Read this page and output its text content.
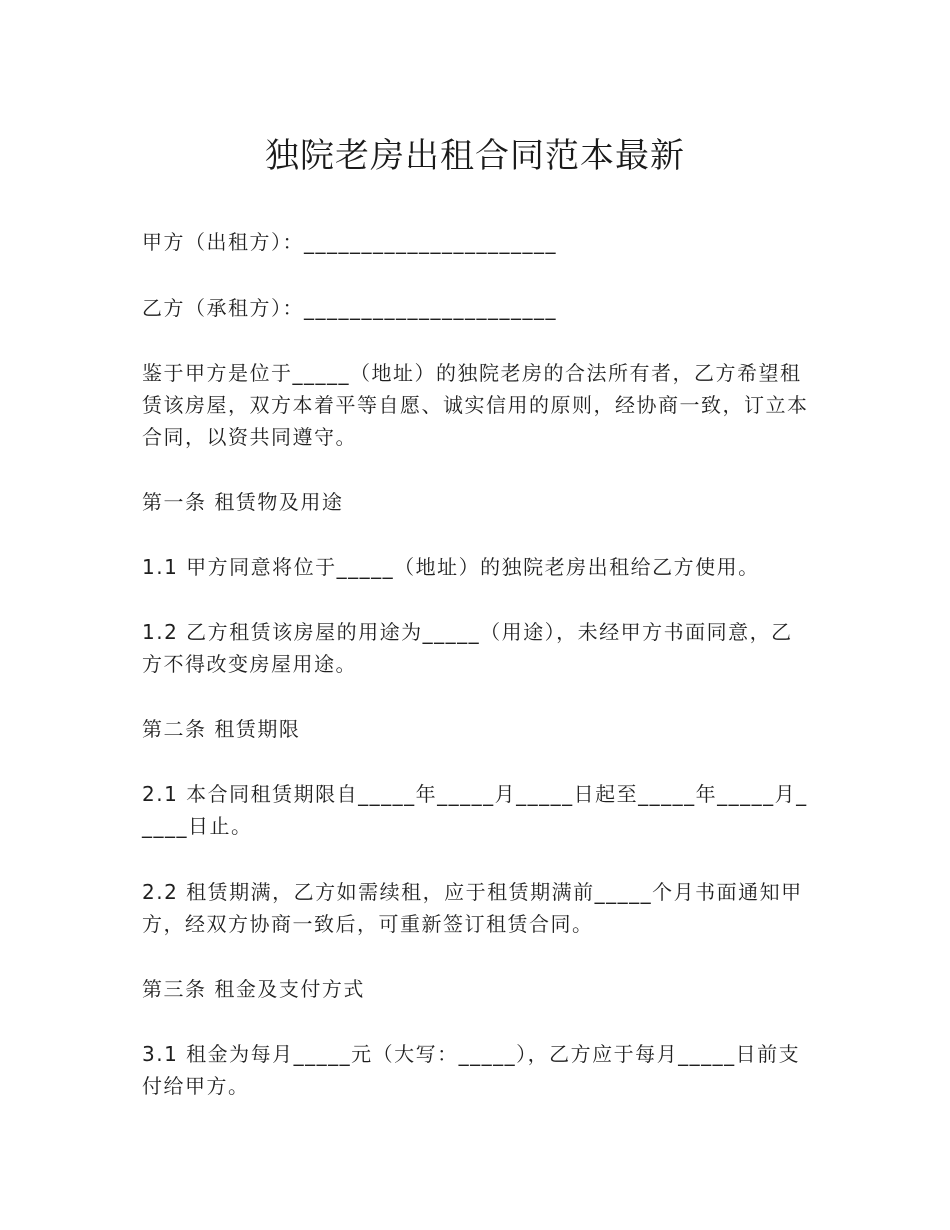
独院老房出租合同范本最新

甲方（出租方）：______________________

乙方（承租方）：______________________

鉴于甲方是位于_____（地址）的独院老房的合法所有者，乙方希望租赁该房屋，双方本着平等自愿、诚实信用的原则，经协商一致，订立本合同，以资共同遵守。

第一条 租赁物及用途

1.1 甲方同意将位于_____（地址）的独院老房出租给乙方使用。

1.2 乙方租赁该房屋的用途为_____（用途），未经甲方书面同意，乙方不得改变房屋用途。

第二条 租赁期限

2.1 本合同租赁期限自_____年_____月_____日起至_____年_____月_____日止。

2.2 租赁期满，乙方如需续租，应于租赁期满前_____个月书面通知甲方，经双方协商一致后，可重新签订租赁合同。

第三条 租金及支付方式

3.1 租金为每月_____元（大写：_____），乙方应于每月_____日前支付给甲方。
